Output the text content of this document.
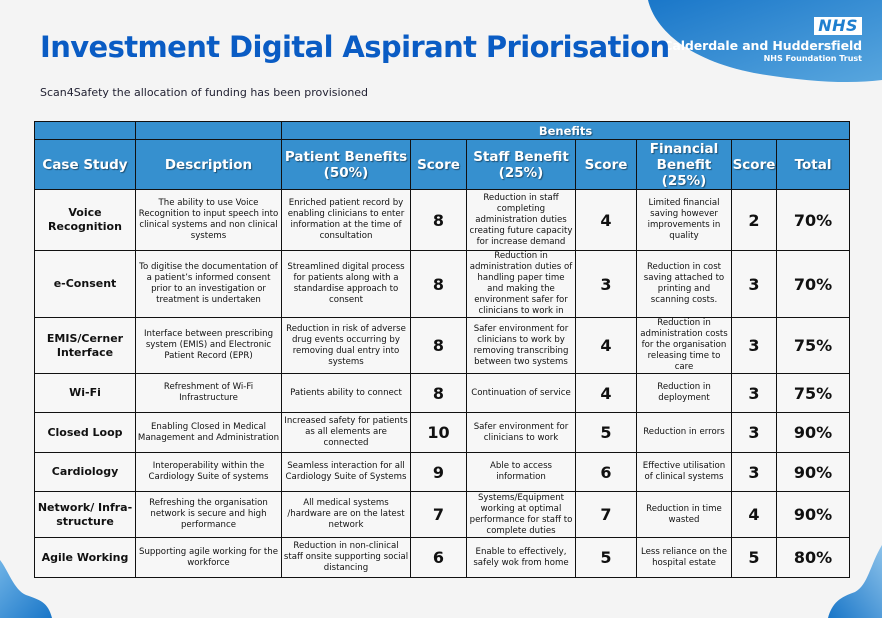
NHS
Calderdale and Huddersfield
NHS Foundation Trust
Investment Digital Aspirant Priorisation
Scan4Safety the allocation of funding has been provisioned
		Benefits						
Case Study	Description	Patient Benefits (50%)	Score	Staff Benefit (25%)	Score	Financial Benefit (25%)	Score	Total
Voice Recognition	The ability to use Voice Recognition to input speech into clinical systems and non clinical systems	Enriched patient record by enabling clinicians to enter information at the time of consultation	8	Reduction in staff completing administration duties creating future capacity for increase demand	4	Limited financial saving however improvements in quality	2	70%
e-Consent	To digitise the documentation of a patient’s informed consent prior to an investigation or treatment is undertaken	Streamlined digital process for patients along with a standardise approach to consent	8	Reduction in administration duties of handling paper time and making the environment safer for clinicians to work in	3	Reduction in cost saving attached to printing and scanning costs.	3	70%
EMIS/Cerner Interface	Interface between prescribing system (EMIS) and Electronic Patient Record (EPR)	Reduction in risk of adverse drug events occurring by removing dual entry into systems	8	Safer environment for clinicians to work by removing transcribing between two systems	4	Reduction in administration costs for the organisation releasing time to care	3	75%
Wi-Fi	Refreshment of Wi-Fi Infrastructure	Patients ability to connect	8	Continuation of service	4	Reduction in deployment	3	75%
Closed Loop	Enabling Closed in Medical Management and Administration	Increased safety for patients as all elements are connected	10	Safer environment for clinicians to work	5	Reduction in errors	3	90%
Cardiology	Interoperability within the Cardiology Suite of systems	Seamless interaction for all Cardiology Suite of Systems	9	Able to access information	6	Effective utilisation of clinical systems	3	90%
Network/ Infra-structure	Refreshing the organisation network is secure and high performance	All medical systems /hardware are on the latest network	7	Systems/Equipment working at optimal performance for staff to complete duties	7	Reduction in time wasted	4	90%
Agile Working	Supporting agile working for the workforce	Reduction in non-clinical staff onsite supporting social distancing	6	Enable to effectively, safely wok from home	5	Less reliance on the hospital estate	5	80%
